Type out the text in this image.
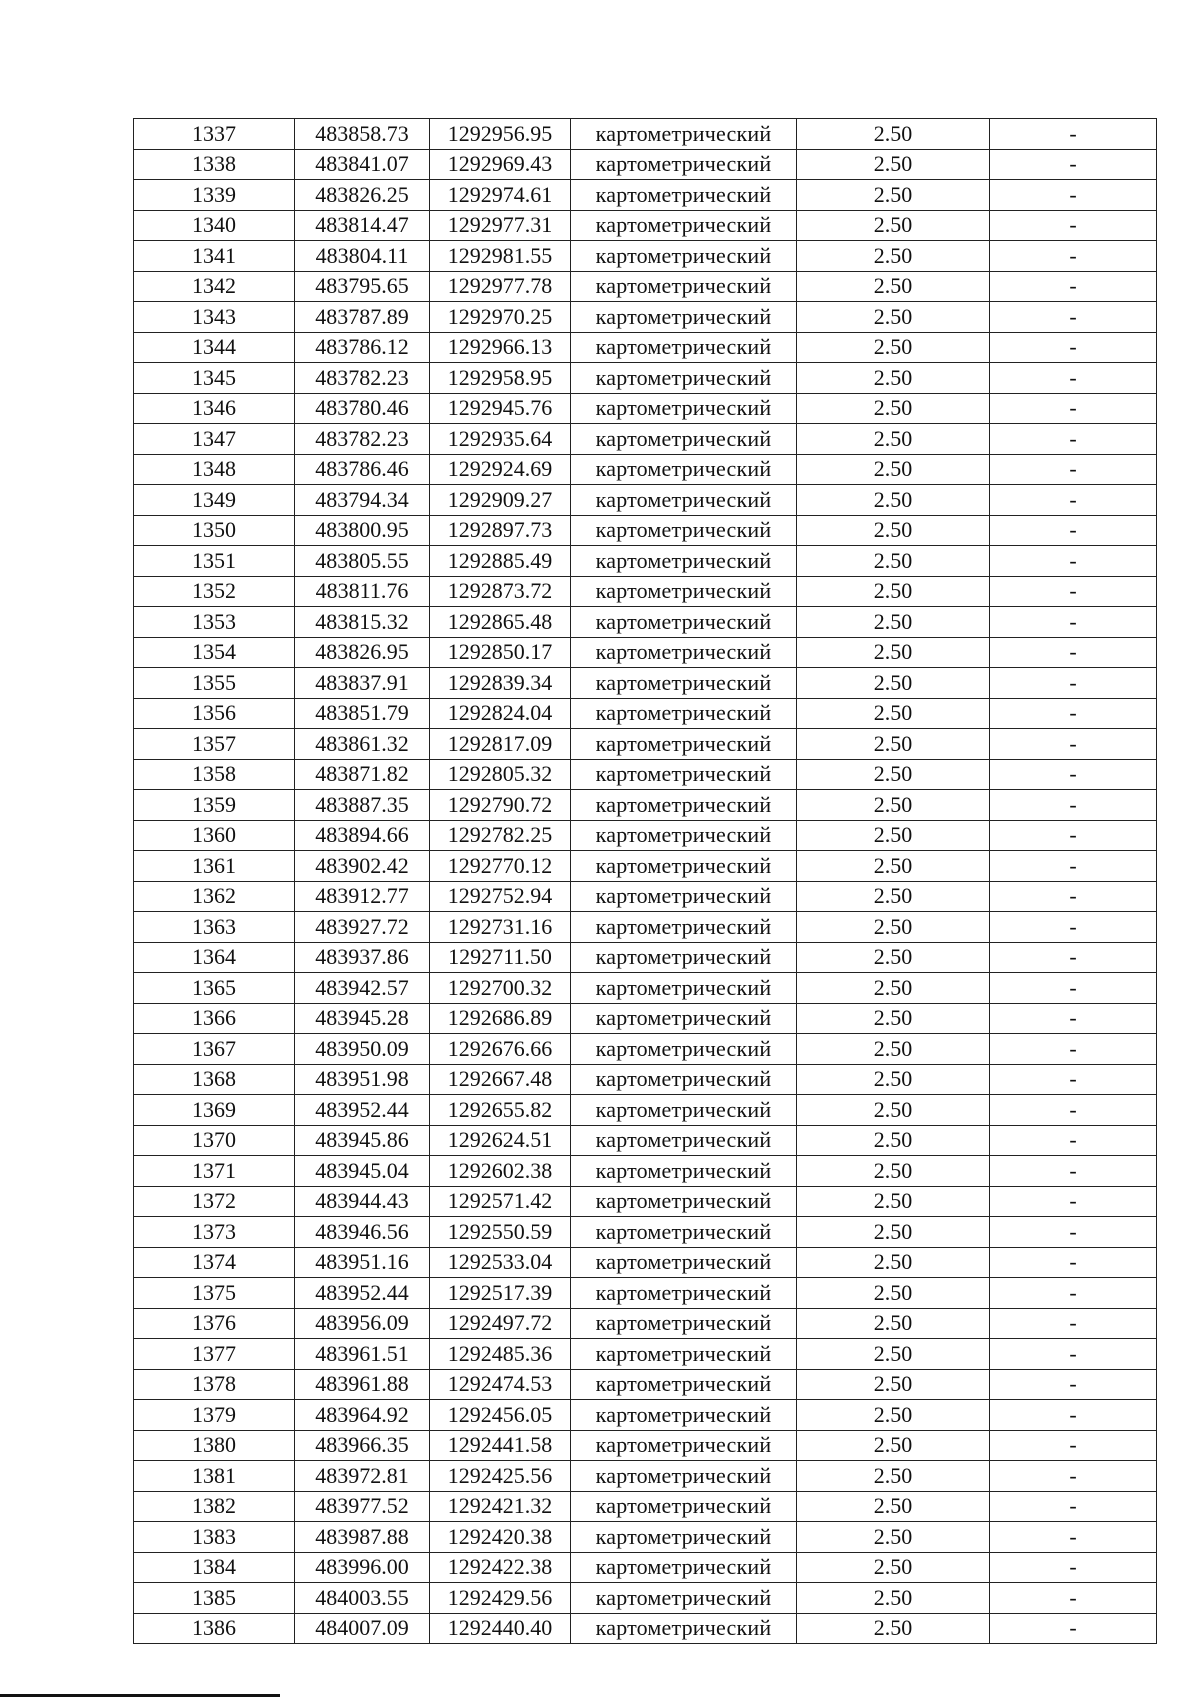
1337	483858.73	1292956.95	картометрический	2.50	-
1338	483841.07	1292969.43	картометрический	2.50	-
1339	483826.25	1292974.61	картометрический	2.50	-
1340	483814.47	1292977.31	картометрический	2.50	-
1341	483804.11	1292981.55	картометрический	2.50	-
1342	483795.65	1292977.78	картометрический	2.50	-
1343	483787.89	1292970.25	картометрический	2.50	-
1344	483786.12	1292966.13	картометрический	2.50	-
1345	483782.23	1292958.95	картометрический	2.50	-
1346	483780.46	1292945.76	картометрический	2.50	-
1347	483782.23	1292935.64	картометрический	2.50	-
1348	483786.46	1292924.69	картометрический	2.50	-
1349	483794.34	1292909.27	картометрический	2.50	-
1350	483800.95	1292897.73	картометрический	2.50	-
1351	483805.55	1292885.49	картометрический	2.50	-
1352	483811.76	1292873.72	картометрический	2.50	-
1353	483815.32	1292865.48	картометрический	2.50	-
1354	483826.95	1292850.17	картометрический	2.50	-
1355	483837.91	1292839.34	картометрический	2.50	-
1356	483851.79	1292824.04	картометрический	2.50	-
1357	483861.32	1292817.09	картометрический	2.50	-
1358	483871.82	1292805.32	картометрический	2.50	-
1359	483887.35	1292790.72	картометрический	2.50	-
1360	483894.66	1292782.25	картометрический	2.50	-
1361	483902.42	1292770.12	картометрический	2.50	-
1362	483912.77	1292752.94	картометрический	2.50	-
1363	483927.72	1292731.16	картометрический	2.50	-
1364	483937.86	1292711.50	картометрический	2.50	-
1365	483942.57	1292700.32	картометрический	2.50	-
1366	483945.28	1292686.89	картометрический	2.50	-
1367	483950.09	1292676.66	картометрический	2.50	-
1368	483951.98	1292667.48	картометрический	2.50	-
1369	483952.44	1292655.82	картометрический	2.50	-
1370	483945.86	1292624.51	картометрический	2.50	-
1371	483945.04	1292602.38	картометрический	2.50	-
1372	483944.43	1292571.42	картометрический	2.50	-
1373	483946.56	1292550.59	картометрический	2.50	-
1374	483951.16	1292533.04	картометрический	2.50	-
1375	483952.44	1292517.39	картометрический	2.50	-
1376	483956.09	1292497.72	картометрический	2.50	-
1377	483961.51	1292485.36	картометрический	2.50	-
1378	483961.88	1292474.53	картометрический	2.50	-
1379	483964.92	1292456.05	картометрический	2.50	-
1380	483966.35	1292441.58	картометрический	2.50	-
1381	483972.81	1292425.56	картометрический	2.50	-
1382	483977.52	1292421.32	картометрический	2.50	-
1383	483987.88	1292420.38	картометрический	2.50	-
1384	483996.00	1292422.38	картометрический	2.50	-
1385	484003.55	1292429.56	картометрический	2.50	-
1386	484007.09	1292440.40	картометрический	2.50	-
